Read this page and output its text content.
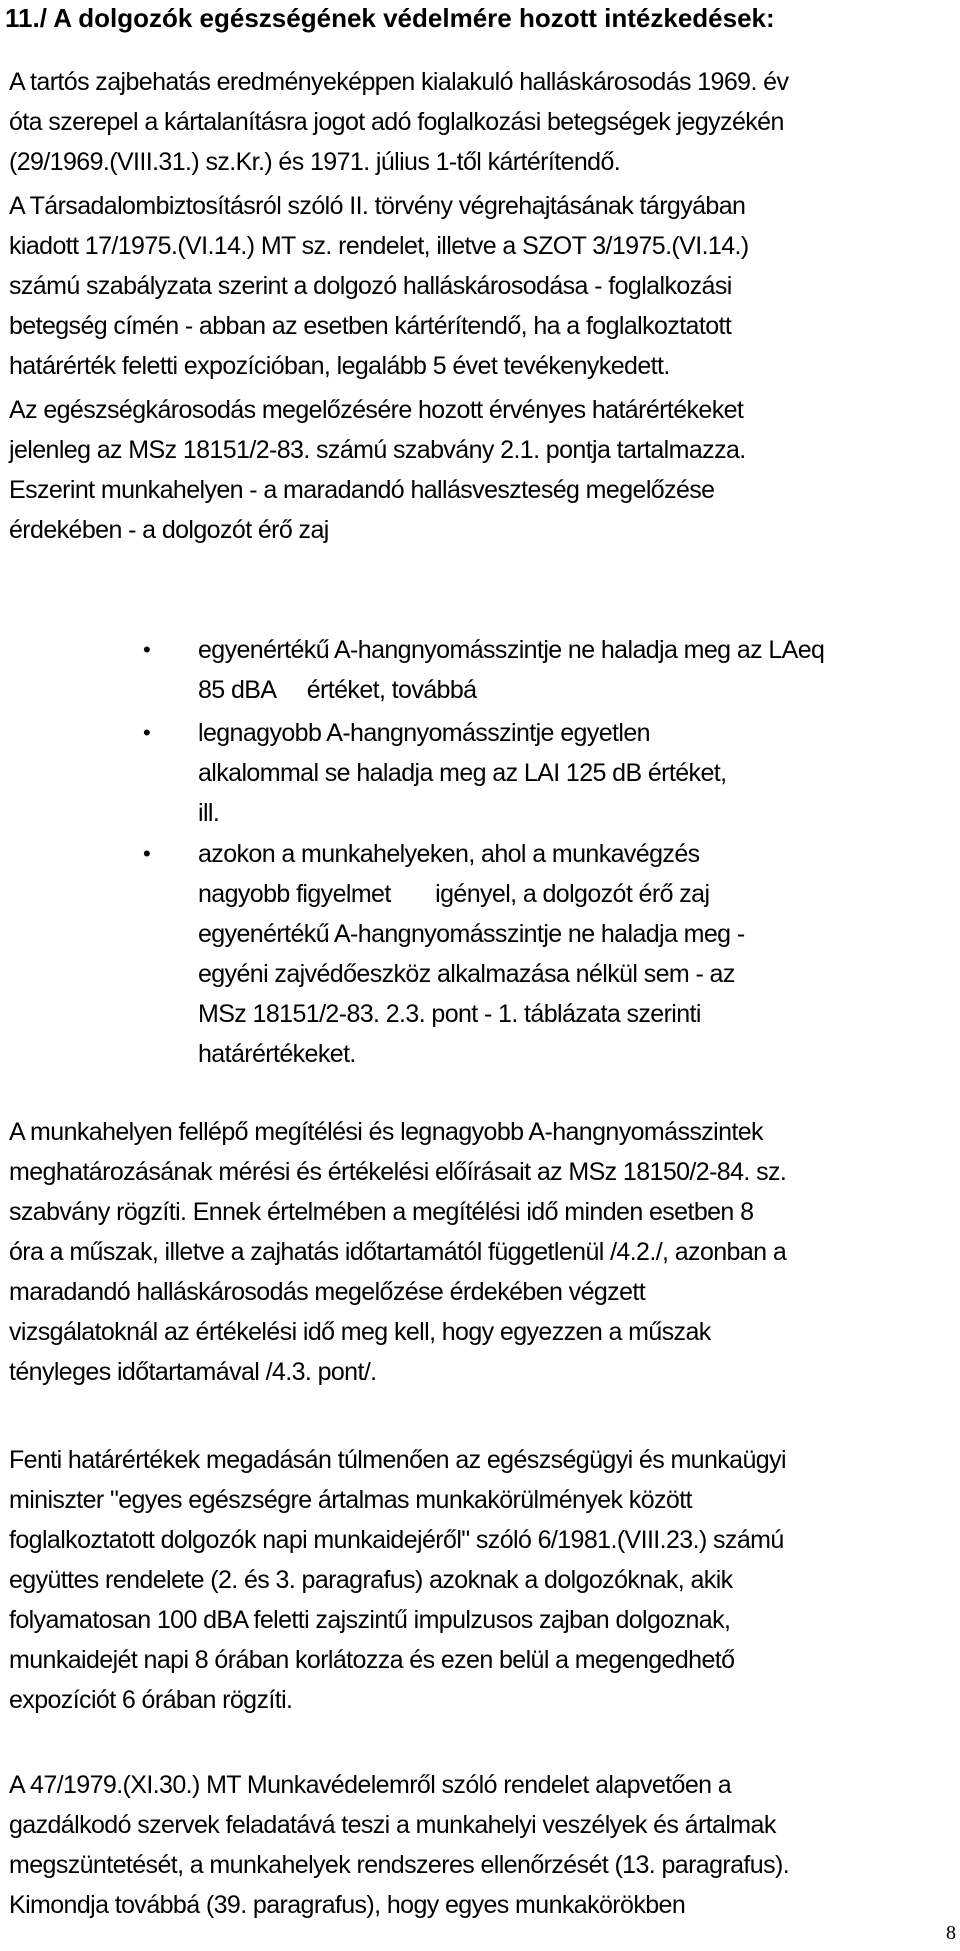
11./ A dolgozók egészségének védelmére hozott intézkedések:
A tartós zajbehatás eredményeképpen kialakuló halláskárosodás 1969. év
óta szerepel a kártalanításra jogot adó foglalkozási betegségek jegyzékén
(29/1969.(VIII.31.) sz.Kr.) és 1971. július 1-től kártérítendő.
A Társadalombiztosításról szóló II. törvény végrehajtásának tárgyában
kiadott 17/1975.(VI.14.) MT sz. rendelet, illetve a SZOT 3/1975.(VI.14.)
számú szabályzata szerint a dolgozó halláskárosodása - foglalkozási
betegség címén - abban az esetben kártérítendő, ha a foglalkoztatott
határérték feletti expozícióban, legalább 5 évet tevékenykedett.
Az egészségkárosodás megelőzésére hozott érvényes határértékeket
jelenleg az MSz 18151/2-83. számú szabvány 2.1. pontja tartalmazza.
Eszerint munkahelyen - a maradandó hallásveszteség megelőzése
érdekében - a dolgozót érő zaj
• egyenértékű A-hangnyomásszintje ne haladja meg az LAeq
85 dBA     értéket, továbbá
• legnagyobb A-hangnyomásszintje egyetlen
alkalommal se haladja meg az LAI 125 dB értéket,
ill.
• azokon a munkahelyeken, ahol a munkavégzés
nagyobb figyelmet       igényel, a dolgozót érő zaj
egyenértékű A-hangnyomásszintje ne haladja meg -
egyéni zajvédőeszköz alkalmazása nélkül sem - az
MSz 18151/2-83. 2.3. pont - 1. táblázata szerinti
határértékeket.
A munkahelyen fellépő megítélési és legnagyobb A-hangnyomásszintek
meghatározásának mérési és értékelési előírásait az MSz 18150/2-84. sz.
szabvány rögzíti. Ennek értelmében a megítélési idő minden esetben 8
óra a műszak, illetve a zajhatás időtartamától függetlenül /4.2./, azonban a
maradandó halláskárosodás megelőzése érdekében végzett
vizsgálatoknál az értékelési idő meg kell, hogy egyezzen a műszak
tényleges időtartamával /4.3. pont/.
Fenti határértékek megadásán túlmenően az egészségügyi és munkaügyi
miniszter "egyes egészségre ártalmas munkakörülmények között
foglalkoztatott dolgozók napi munkaidejéről" szóló 6/1981.(VIII.23.) számú
együttes rendelete (2. és 3. paragrafus) azoknak a dolgozóknak, akik
folyamatosan 100 dBA feletti zajszintű impulzusos zajban dolgoznak,
munkaidejét napi 8 órában korlátozza és ezen belül a megengedhető
expozíciót 6 órában rögzíti.
A 47/1979.(XI.30.) MT Munkavédelemről szóló rendelet alapvetően a
gazdálkodó szervek feladatává teszi a munkahelyi veszélyek és ártalmak
megszüntetését, a munkahelyek rendszeres ellenőrzését (13. paragrafus).
Kimondja továbbá (39. paragrafus), hogy egyes munkakörökben
8
